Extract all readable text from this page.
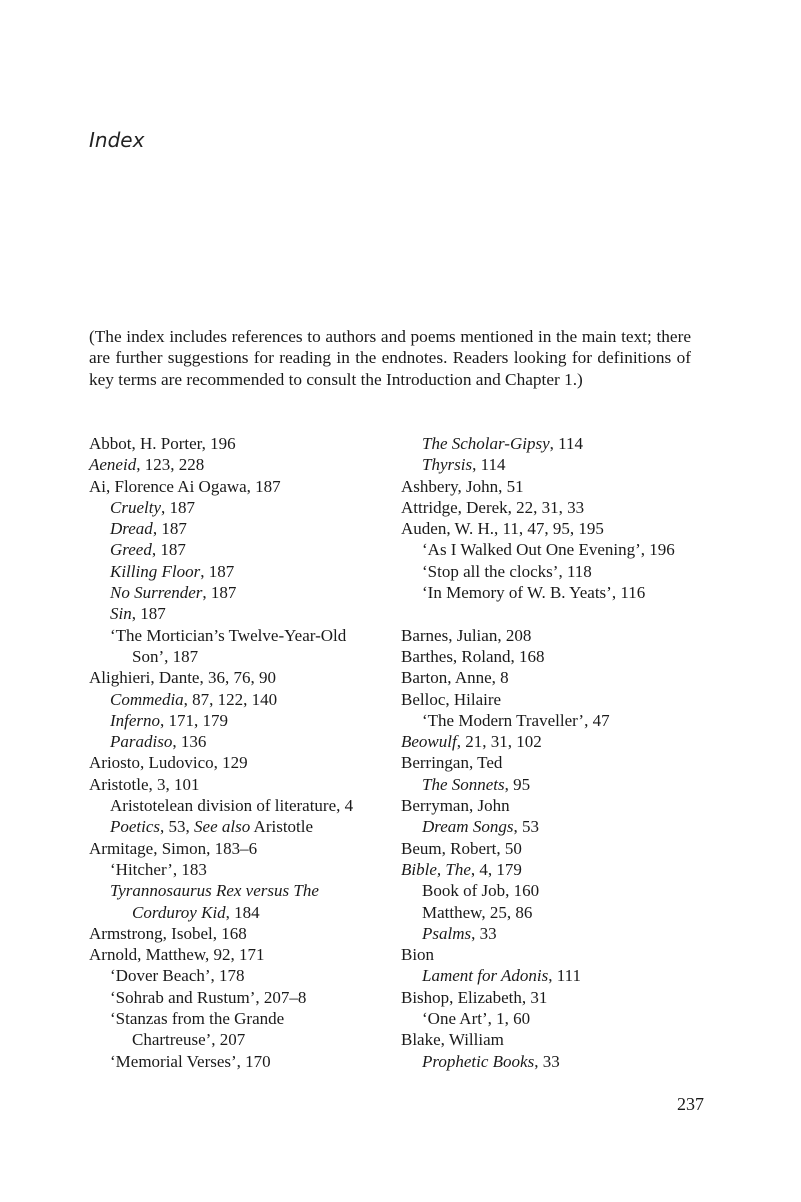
Index

(The index includes references to authors and poems mentioned in the main text; there are further suggestions for reading in the endnotes. Readers looking for definitions of key terms are recommended to consult the Introduction and Chapter 1.)

Abbot, H. Porter, 196
Aeneid, 123, 228
Ai, Florence Ai Ogawa, 187
Cruelty, 187
Dread, 187
Greed, 187
Killing Floor, 187
No Surrender, 187
Sin, 187
‘The Mortician’s Twelve-Year-Old
Son’, 187
Alighieri, Dante, 36, 76, 90
Commedia, 87, 122, 140
Inferno, 171, 179
Paradiso, 136
Ariosto, Ludovico, 129
Aristotle, 3, 101
Aristotelean division of literature, 4
Poetics, 53, See also Aristotle
Armitage, Simon, 183–6
‘Hitcher’, 183
Tyrannosaurus Rex versus The
Corduroy Kid, 184
Armstrong, Isobel, 168
Arnold, Matthew, 92, 171
‘Dover Beach’, 178
‘Sohrab and Rustum’, 207–8
‘Stanzas from the Grande
Chartreuse’, 207
‘Memorial Verses’, 170
The Scholar-Gipsy, 114
Thyrsis, 114
Ashbery, John, 51
Attridge, Derek, 22, 31, 33
Auden, W. H., 11, 47, 95, 195
‘As I Walked Out One Evening’, 196
‘Stop all the clocks’, 118
‘In Memory of W. B. Yeats’, 116
Barnes, Julian, 208
Barthes, Roland, 168
Barton, Anne, 8
Belloc, Hilaire
‘The Modern Traveller’, 47
Beowulf, 21, 31, 102
Berringan, Ted
The Sonnets, 95
Berryman, John
Dream Songs, 53
Beum, Robert, 50
Bible, The, 4, 179
Book of Job, 160
Matthew, 25, 86
Psalms, 33
Bion
Lament for Adonis, 111
Bishop, Elizabeth, 31
‘One Art’, 1, 60
Blake, William
Prophetic Books, 33
237
